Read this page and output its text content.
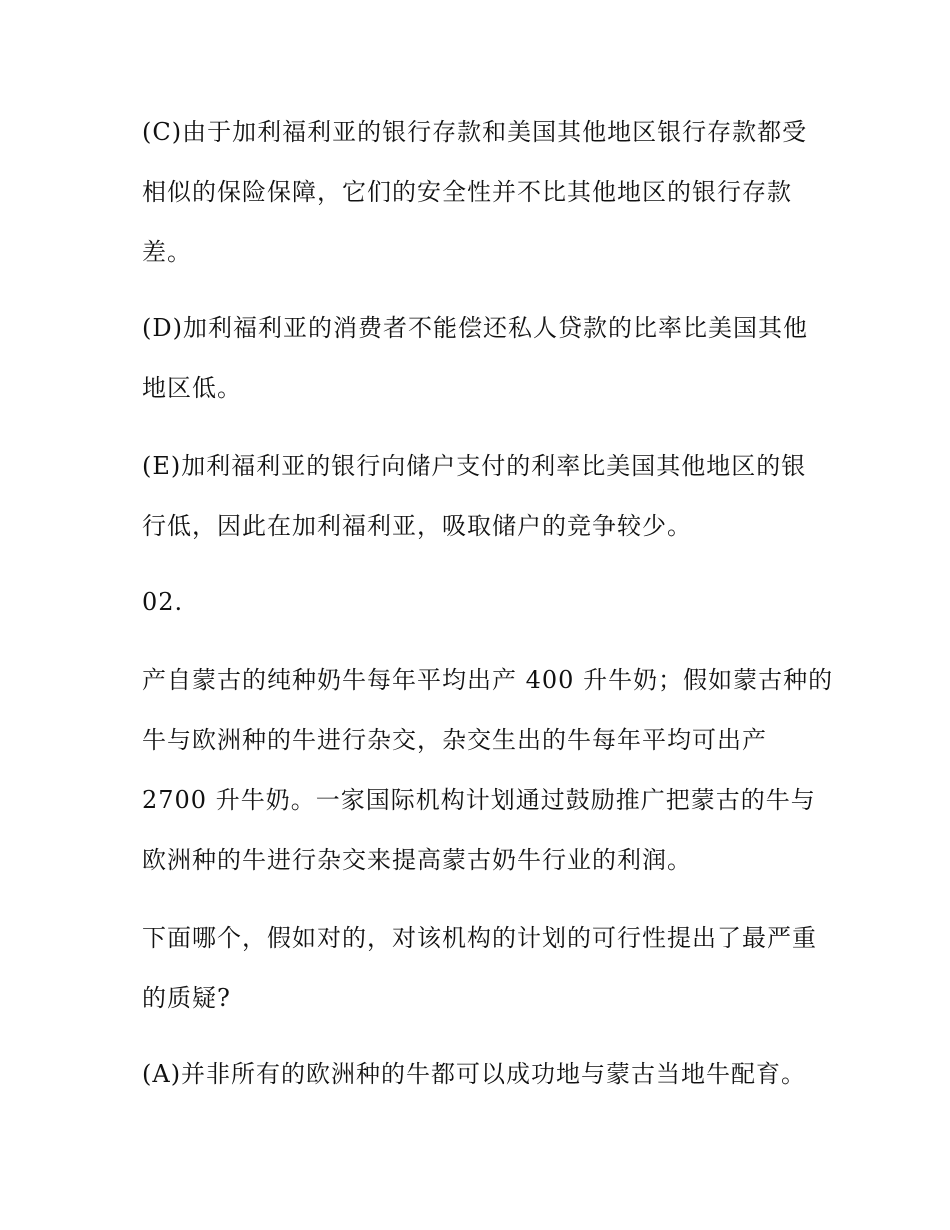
(C)由于加利福利亚的银行存款和美国其他地区银行存款都受
相似的保险保障，它们的安全性并不比其他地区的银行存款
差。
(D)加利福利亚的消费者不能偿还私人贷款的比率比美国其他
地区低。
(E)加利福利亚的银行向储户支付的利率比美国其他地区的银
行低，因此在加利福利亚，吸取储户的竞争较少。
02.
产自蒙古的纯种奶牛每年平均出产 400 升牛奶；假如蒙古种的
牛与欧洲种的牛进行杂交，杂交生出的牛每年平均可出产
2700 升牛奶。一家国际机构计划通过鼓励推广把蒙古的牛与
欧洲种的牛进行杂交来提高蒙古奶牛行业的利润。
下面哪个，假如对的，对该机构的计划的可行性提出了最严重
的质疑?
(A)并非所有的欧洲种的牛都可以成功地与蒙古当地牛配育。
